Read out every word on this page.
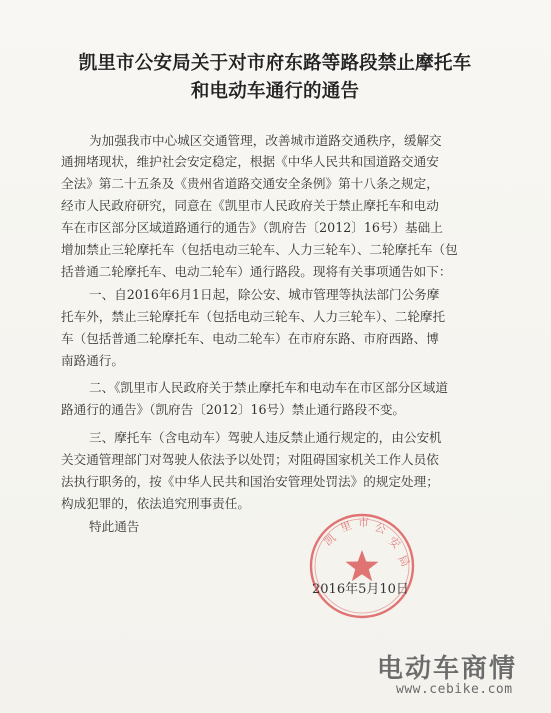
凯里市公安局关于对市府东路等路段禁止摩托车
和电动车通行的通告
为加强我市中心城区交通管理，改善城市道路交通秩序，缓解交
通拥堵现状，维护社会安定稳定，根据《中华人民共和国道路交通安
全法》第二十五条及《贵州省道路交通安全条例》第十八条之规定，
经市人民政府研究，同意在《凯里市人民政府关于禁止摩托车和电动
车在市区部分区域道路通行的通告》（凯府告〔2012〕16号）基础上
增加禁止三轮摩托车（包括电动三轮车、人力三轮车）、二轮摩托车（包
括普通二轮摩托车、电动二轮车）通行路段。现将有关事项通告如下：
一、自2016年6月1日起，除公安、城市管理等执法部门公务摩
托车外，禁止三轮摩托车（包括电动三轮车、人力三轮车）、二轮摩托
车（包括普通二轮摩托车、电动二轮车）在市府东路、市府西路、博
南路通行。
二、《凯里市人民政府关于禁止摩托车和电动车在市区部分区域道
路通行的通告》（凯府告〔2012〕16号）禁止通行路段不变。
三、摩托车（含电动车）驾驶人违反禁止通行规定的，由公安机
关交通管理部门对驾驶人依法予以处罚；对阻碍国家机关工作人员依
法执行职务的，按《中华人民共和国治安管理处罚法》的规定处理；
构成犯罪的，依法追究刑事责任。
特此通告
凯
里 市 公
安
局
2016年5月10日
电动车商情
www.cebike.com
